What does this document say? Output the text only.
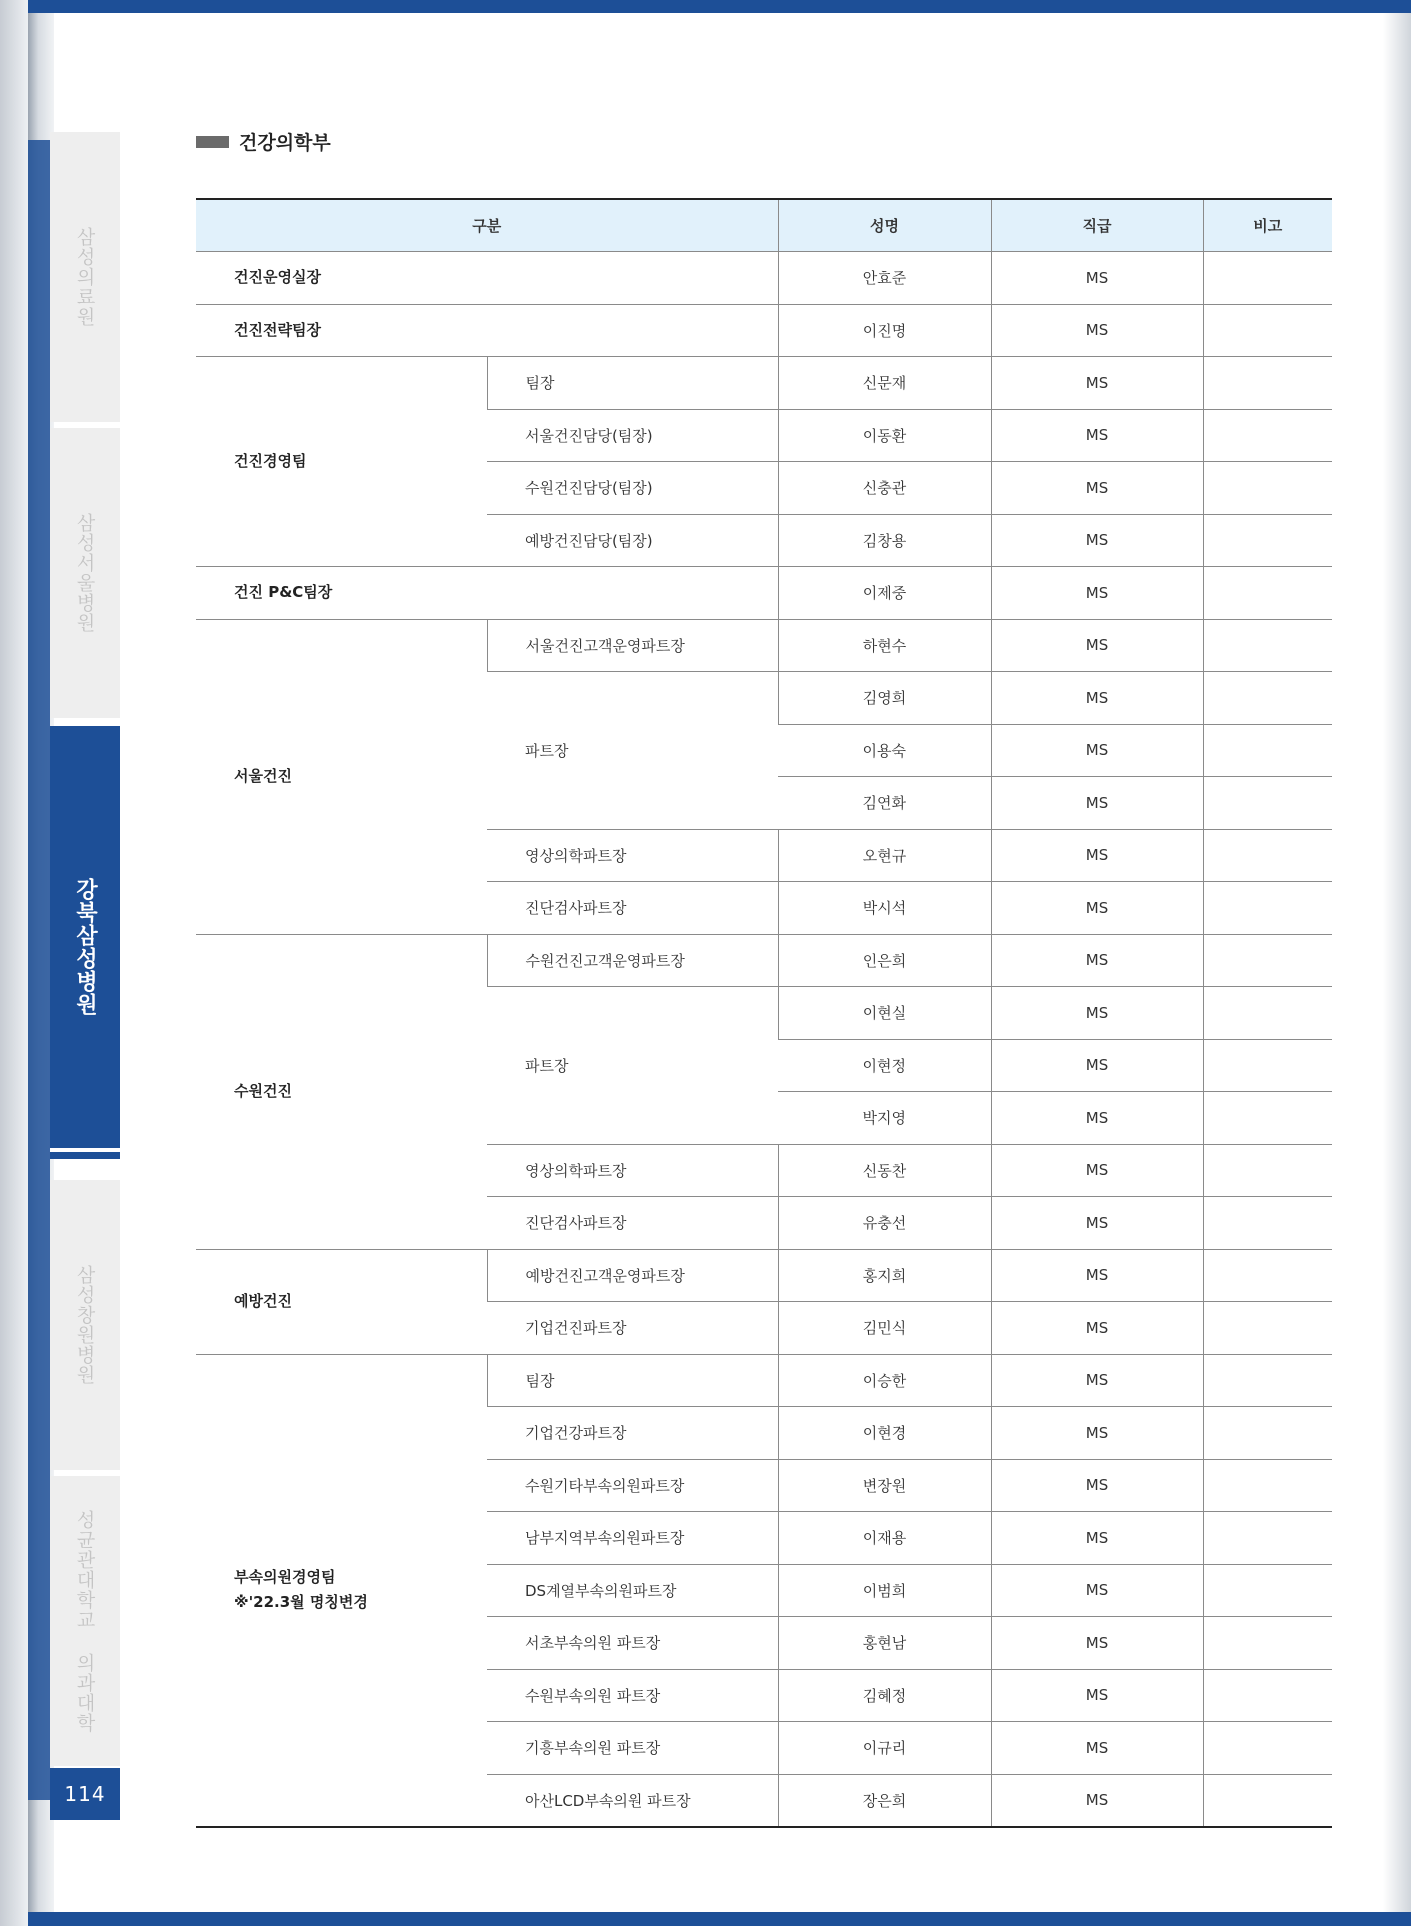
삼성의료원
삼성서울병원
강북삼성병원
삼성창원병원
성균관대학교 의과대학
114
건강의학부
구분		성명	직급	비고
건진운영실장		안효준	MS	
건진전략팀장		이진명	MS	
건진경영팀	팀장	신문재	MS	
	서울건진담당(팀장)	이동환	MS	
	수원건진담당(팀장)	신충관	MS	
	예방건진담당(팀장)	김창용	MS	
건진 P&C팀장		이제중	MS	
서울건진	서울건진고객운영파트장	하현수	MS	
	파트장	김영희	MS	
		이용숙	MS	
		김연화	MS	
	영상의학파트장	오현규	MS	
	진단검사파트장	박시석	MS	
수원건진	수원건진고객운영파트장	인은희	MS	
	파트장	이현실	MS	
		이현정	MS	
		박지영	MS	
	영상의학파트장	신동찬	MS	
	진단검사파트장	유충선	MS	
예방건진	예방건진고객운영파트장	홍지희	MS	
	기업건진파트장	김민식	MS	

부속의원경영팀
※'22.3월 명칭변경	팀장	이승한	MS	
	기업건강파트장	이현경	MS	
	수원기타부속의원파트장	변장원	MS	
	남부지역부속의원파트장	이재용	MS	
	DS계열부속의원파트장	이범희	MS	
	서초부속의원 파트장	홍현남	MS	
	수원부속의원 파트장	김혜정	MS	
	기흥부속의원 파트장	이규리	MS	
	아산LCD부속의원 파트장	장은희	MS	
